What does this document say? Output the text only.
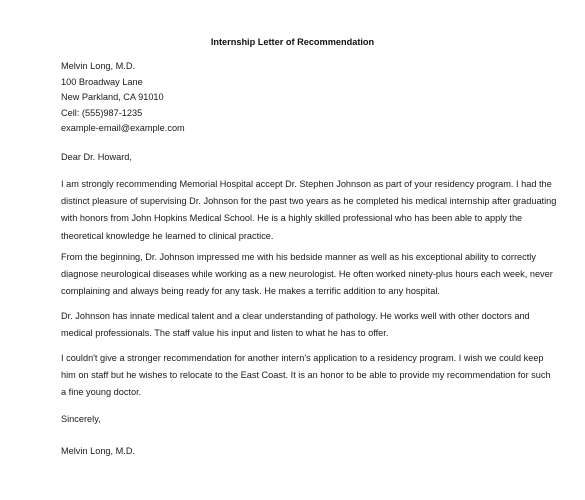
Internship Letter of Recommendation
Melvin Long, M.D.
100 Broadway Lane
New Parkland, CA 91010
Cell: (555)987-1235
example-email@example.com
Dear Dr. Howard,
I am strongly recommending Memorial Hospital accept Dr. Stephen Johnson as part of your residency program. I had the
distinct pleasure of supervising Dr. Johnson for the past two years as he completed his medical internship after graduating
with honors from John Hopkins Medical School. He is a highly skilled professional who has been able to apply the
theoretical knowledge he learned to clinical practice.
From the beginning, Dr. Johnson impressed me with his bedside manner as well as his exceptional ability to correctly
diagnose neurological diseases while working as a new neurologist. He often worked ninety-plus hours each week, never
complaining and always being ready for any task. He makes a terrific addition to any hospital.
Dr. Johnson has innate medical talent and a clear understanding of pathology. He works well with other doctors and
medical professionals. The staff value his input and listen to what he has to offer.
I couldn't give a stronger recommendation for another intern's application to a residency program. I wish we could keep
him on staff but he wishes to relocate to the East Coast. It is an honor to be able to provide my recommendation for such
a fine young doctor.
Sincerely,
Melvin Long, M.D.
